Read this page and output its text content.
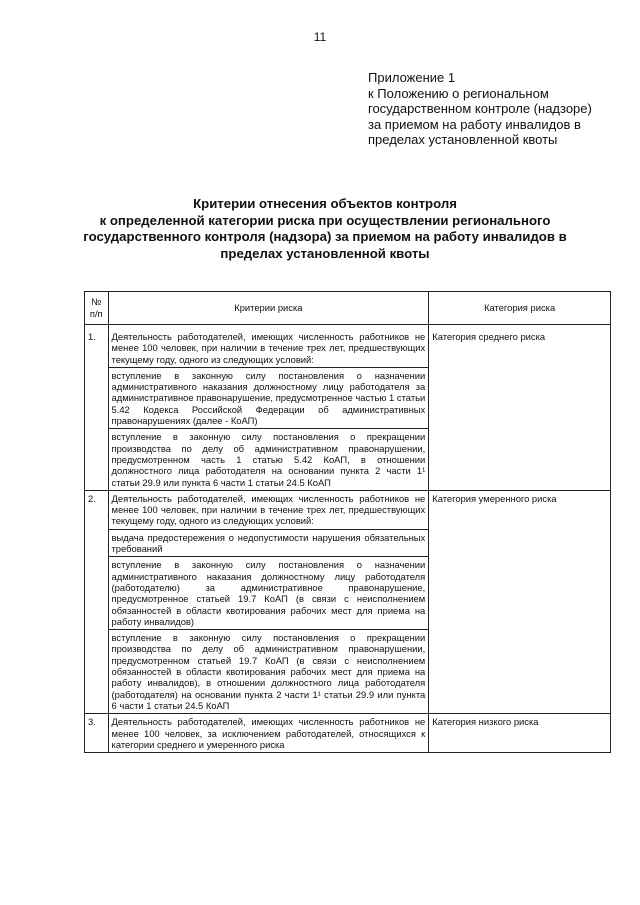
11
Приложение 1
к Положению о региональном
государственном контроле (надзоре)
за приемом на работу инвалидов в
пределах установленной квоты
Критерии отнесения объектов контроля
к определенной категории риска при осуществлении регионального
государственного контроля (надзора) за приемом на работу инвалидов в
пределах установленной квоты
№
п/п	Критерии риска	Категория риска
1.	Деятельность работодателей, имеющих численность работников не менее 100 человек, при наличии в течение трех лет, предшествующих текущему году, одного из следующих условий:	Категория среднего риска
	вступление в законную силу постановления о назначении административного наказания должностному лицу работодателя за административное правонарушение, предусмотренное частью 1 статьи 5.42 Кодекса Российской Федерации об административных правонарушениях (далее - КоАП)	
	вступление в законную силу постановления о прекращении производства по делу об административном правонарушении, предусмотренном часть 1 статью 5.42 КоАП, в отношении должностного лица работодателя на основании пункта 2 части 1¹ статьи 29.9 или пункта 6 части 1 статьи 24.5 КоАП	
2.	Деятельность работодателей, имеющих численность работников не менее 100 человек, при наличии в течение трех лет, предшествующих текущему году, одного из следующих условий:	Категория умеренного риска
	выдача предостережения о недопустимости нарушения обязательных требований	
	вступление в законную силу постановления о назначении административного наказания должностному лицу работодателя (работодателю) за административное правонарушение, предусмотренное статьей 19.7 КоАП (в связи с неисполнением обязанностей в области квотирования рабочих мест для приема на работу инвалидов)	
	вступление в законную силу постановления о прекращении производства по делу об административном правонарушении, предусмотренном статьей 19.7 КоАП (в связи с неисполнением обязанностей в области квотирования рабочих мест для приема на работу инвалидов), в отношении должностного лица работодателя (работодателя) на основании пункта 2 части 1¹ статьи 29.9 или пункта 6 части 1 статьи 24.5 КоАП	
3.	Деятельность работодателей, имеющих численность работников не менее 100 человек, за исключением работодателей, относящихся к категории среднего и умеренного риска	Категория низкого риска
